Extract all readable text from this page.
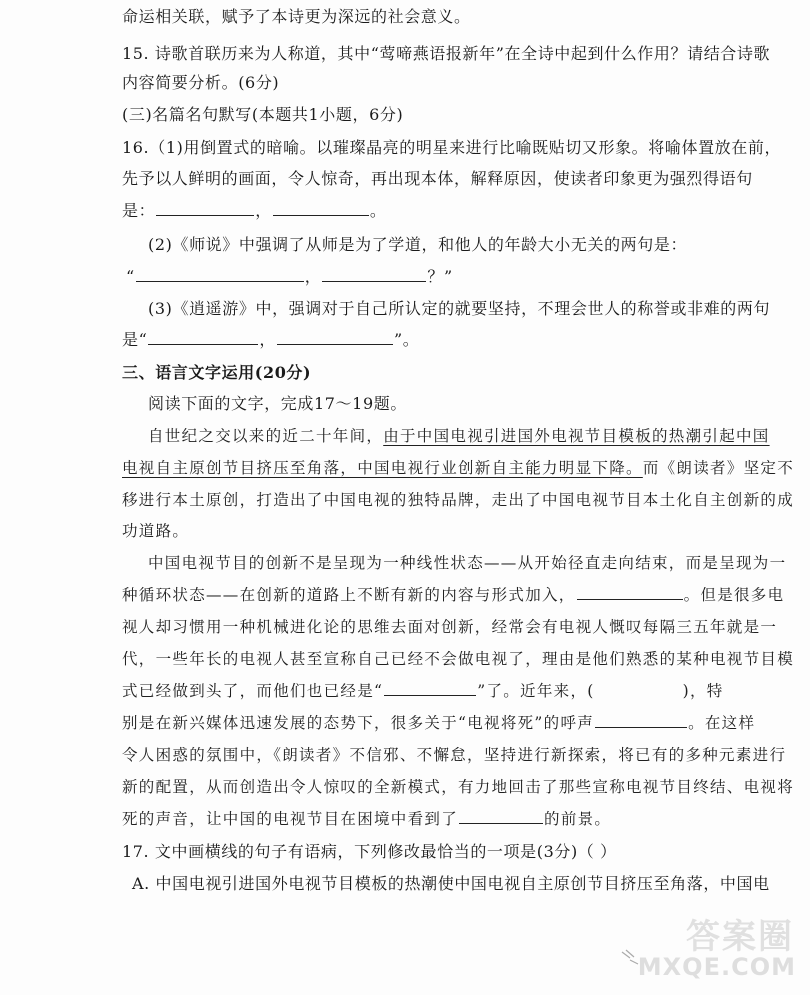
命运相关联，赋予了本诗更为深远的社会意义。
15. 诗歌首联历来为人称道，其中“莺啼燕语报新年”在全诗中起到什么作用？请结合诗歌
内容简要分析。(6分)
(三)名篇名句默写(本题共1小题，6分)
16.（1)用倒置式的暗喻。以璀璨晶亮的明星来进行比喻既贴切又形象。将喻体置放在前，
先予以人鲜明的画面，令人惊奇，再出现本体，解释原因，使读者印象更为强烈得语句
是：	，	。
(2)《师说》中强调了从师是为了学道，和他人的年龄大小无关的两句是：
“	，	？”
(3)《逍遥游》中，强调对于自己所认定的就要坚持，不理会世人的称誉或非难的两句
是“	，	”。
三、语言文字运用(20分)
阅读下面的文字，完成17～19题。
自世纪之交以来的近二十年间，由于中国电视引进国外电视节目模板的热潮引起中国
电视自主原创节目挤压至角落，中国电视行业创新自主能力明显下降。而《朗读者》坚定不
移进行本土原创，打造出了中国电视的独特品牌，走出了中国电视节目本土化自主创新的成
功道路。
中国电视节目的创新不是呈现为一种线性状态——从开始径直走向结束，而是呈现为一
种循环状态——在创新的道路上不断有新的内容与形式加入，	。但是很多电
视人却习惯用一种机械进化论的思维去面对创新，经常会有电视人慨叹每隔三五年就是一
代，一些年长的电视人甚至宣称自己已经不会做电视了，理由是他们熟悉的某种电视节目模
式已经做到头了，而他们也已经是“	”了。近年来，(	)，特
别是在新兴媒体迅速发展的态势下，很多关于“电视将死”的呼声	。在这样
令人困惑的氛围中，《朗读者》不信邪、不懈怠，坚持进行新探索，将已有的多种元素进行
新的配置，从而创造出令人惊叹的全新模式，有力地回击了那些宣称电视节目终结、电视将
死的声音，让中国的电视节目在困境中看到了	的前景。
17. 文中画横线的句子有语病，下列修改最恰当的一项是(3分)（ ）
A. 中国电视引进国外电视节目模板的热潮使中国电视自主原创节目挤压至角落，中国电
答案圈
MXQE.COM
